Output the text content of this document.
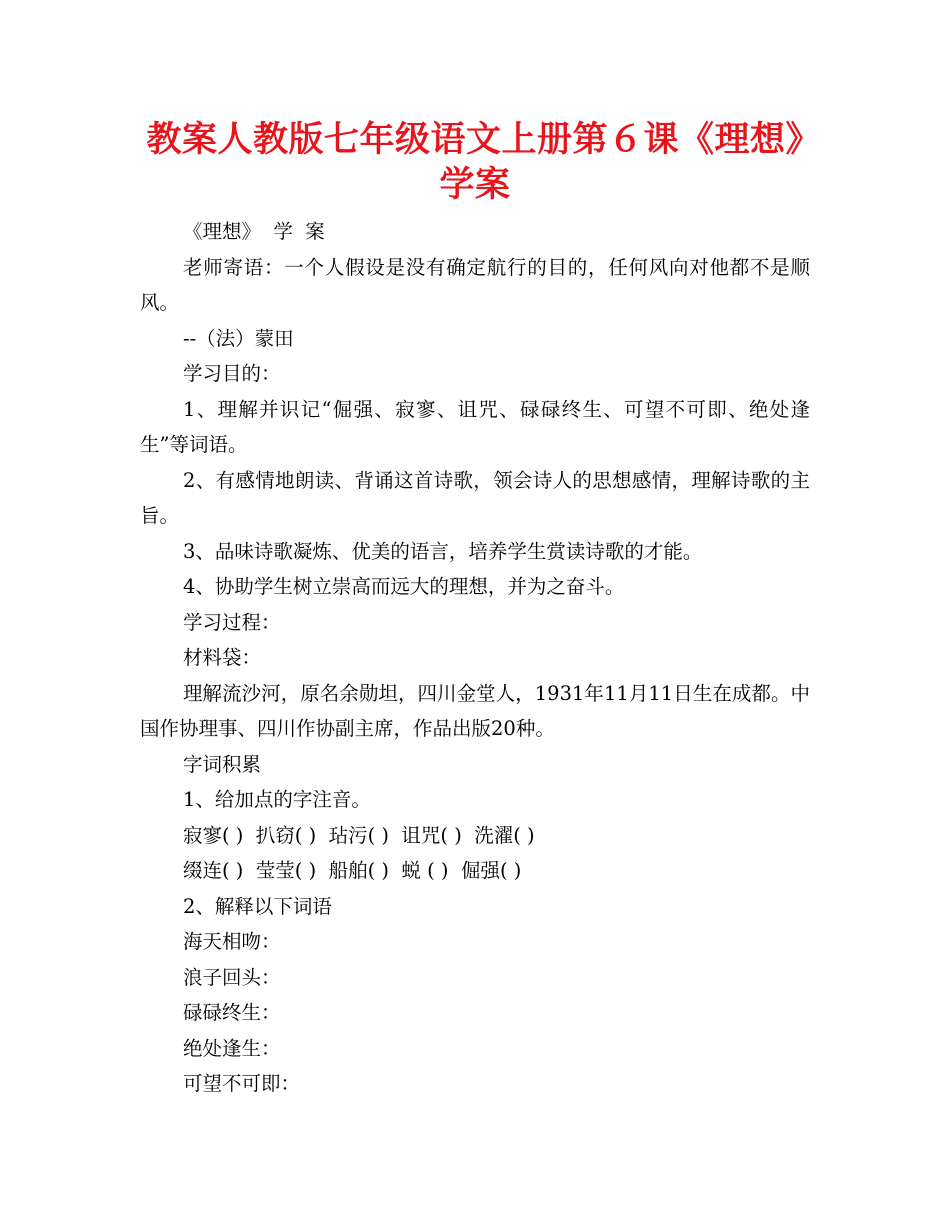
教案人教版七年级语文上册第６课《理想》学案

《理想》  学  案

老师寄语：一个人假设是没有确定航行的目的，任何风向对他都不是顺风。

--（法）蒙田

学习目的：

1、理解并识记“倔强、寂寥、诅咒、碌碌终生、可望不可即、绝处逢生”等词语。

2、有感情地朗读、背诵这首诗歌，领会诗人的思想感情，理解诗歌的主旨。

3、品味诗歌凝炼、优美的语言，培养学生赏读诗歌的才能。

4、协助学生树立崇高而远大的理想，并为之奋斗。

学习过程：

材料袋：

理解流沙河，原名余勋坦，四川金堂人，1931年11月11日生在成都。中国作协理事、四川作协副主席，作品出版20种。

字词积累

1、给加点的字注音。

寂寥( )  扒窃( )  玷污( )  诅咒( )  洗濯( )

缀连( )  莹莹( )  船舶( )  蜕 ( )  倔强( )

2、解释以下词语

海天相吻：

浪子回头：

碌碌终生：

绝处逢生：

可望不可即：
